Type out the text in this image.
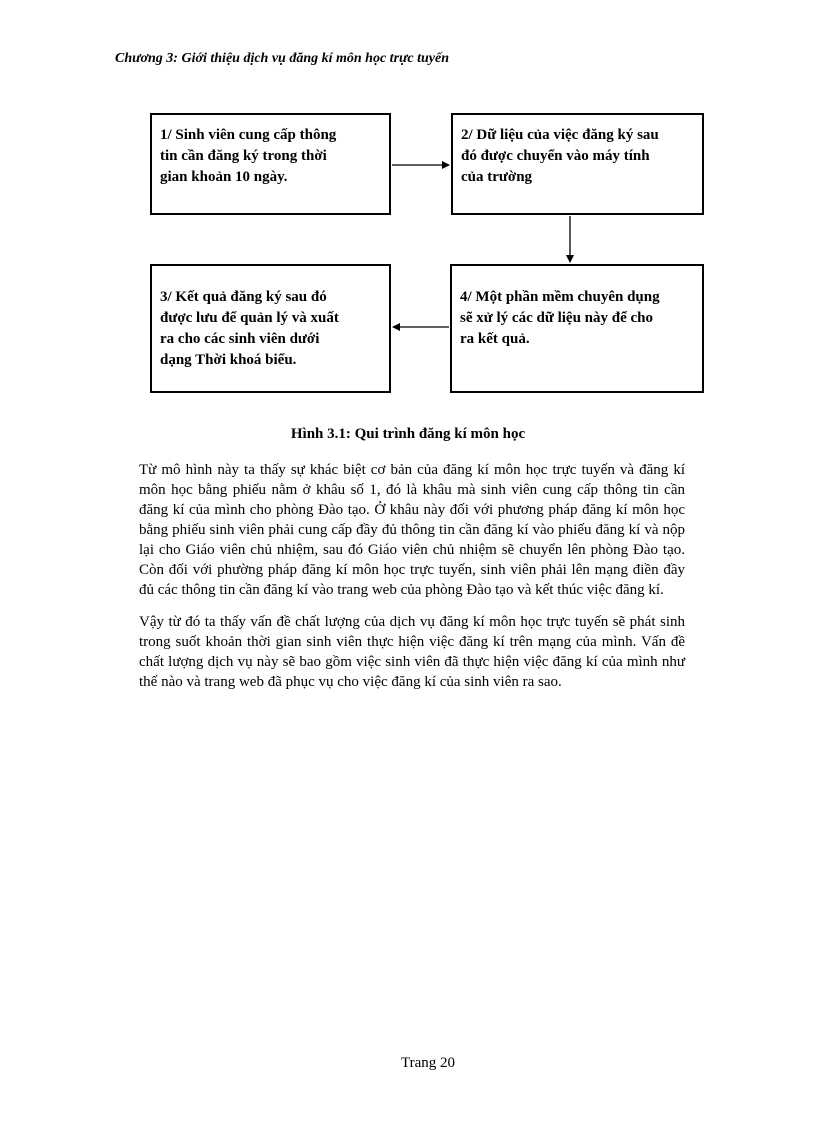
Chương 3: Giới thiệu dịch vụ đăng kí môn học trực tuyến
1/ Sinh viên cung cấp thông
tin cần đăng ký trong thời
gian khoản 10 ngày.
2/ Dữ liệu của việc đăng ký sau
đó được chuyển vào máy tính
của trường
3/ Kết quả đăng ký sau đó
được lưu để quản lý và xuất
ra cho các sinh viên dưới
dạng Thời khoá biểu.
4/ Một phần mềm chuyên dụng
sẽ xử lý các dữ liệu này để cho
ra kết quả.
Hình 3.1: Qui trình đăng kí môn học

Từ mô hình này ta thấy sự khác biệt cơ bản của đăng kí môn học trực tuyến và đăng kí môn học bằng phiếu nằm ở khâu số 1, đó là khâu mà sinh viên cung cấp thông tin cần đăng kí của mình cho phòng Đào tạo. Ở khâu này đối với phương pháp đăng kí môn học bằng phiếu sinh viên phải cung cấp đầy đủ thông tin cần đăng kí vào phiếu đăng kí và nộp lại cho Giáo viên chủ nhiệm, sau đó Giáo viên chủ nhiệm sẽ chuyển lên phòng Đào tạo. Còn đối với phường pháp đăng kí môn học trực tuyến, sinh viên phải lên mạng điền đầy đủ các thông tin cần đăng kí vào trang web của phòng Đào tạo và kết thúc việc đăng kí.

Vậy từ đó ta thấy vấn đề chất lượng của dịch vụ đăng kí môn học trực tuyến sẽ phát sinh trong suốt khoản thời gian sinh viên thực hiện việc đăng kí trên mạng của mình. Vấn đề chất lượng dịch vụ này sẽ bao gồm việc sinh viên đã thực hiện việc đăng kí của mình như thế nào và trang web đã phục vụ cho việc đăng kí của sinh viên ra sao.

Trang 20
